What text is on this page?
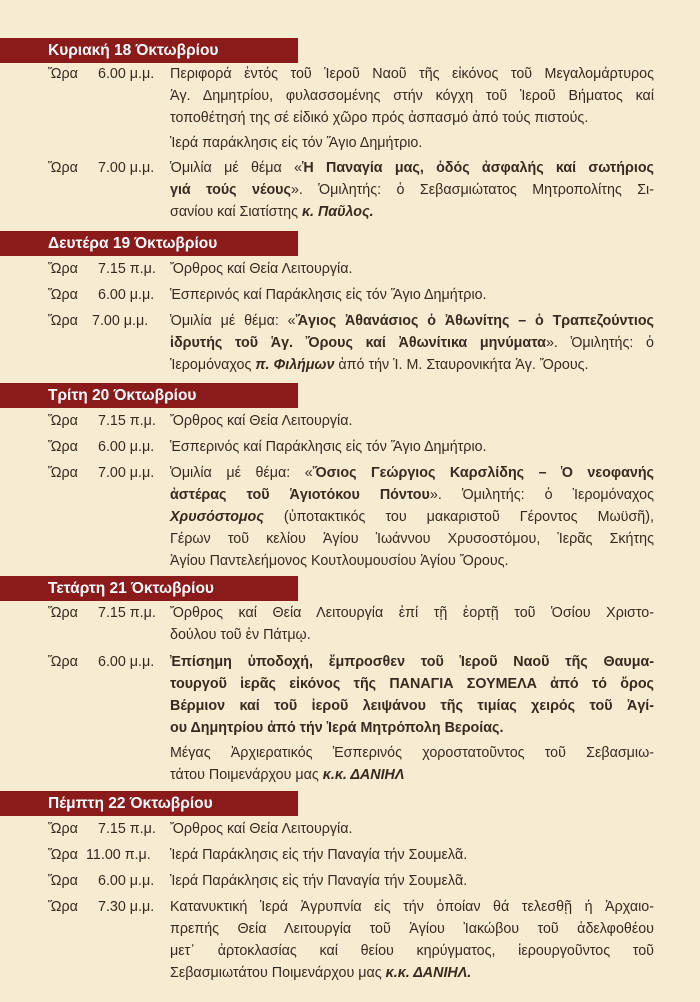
Κυριακή 18 Όκτωβρίου
Ὥρα 6.00 μ.μ. Περιφορά ἐντός τοῦ Ἱεροῦ Ναοῦ τῆς εἰκόνος τοῦ Μεγαλομάρτυρος
Ἁγ. Δημητρίου, φυλασσομένης στήν κόγχη τοῦ Ἱεροῦ Βήματος καί
τοποθέτησή της σέ εἰδικό χῶρο πρός ἀσπασμό ἀπό τούς πιστούς.
Ἱερά παράκλησις εἰς τόν Ἅγιο Δημήτριο.
Ὥρα 7.00 μ.μ. Ὁμιλία μέ θέμα «Ἡ Παναγία μας, ὁδός ἀσφαλής καί σωτήριος
γιά τούς νέους». Ὁμιλητής: ὁ Σεβασμιώτατος Μητροπολίτης Σι-
σανίου καί Σιατίστης κ. Παῦλος.
Δευτέρα 19 Όκτωβρίου
Ὥρα 7.15 π.μ. Ὄρθρος καί Θεία Λειτουργία.
Ὥρα 6.00 μ.μ. Ἑσπερινός καί Παράκλησις εἰς τόν Ἅγιο Δημήτριο.
Ὥρα 7.00 μ.μ. Ὁμιλία μέ θέμα: «Ἅγιος Ἀθανάσιος ὁ Ἀθωνίτης – ὁ Τραπεζούντιος
ἱδρυτής τοῦ Ἁγ. Ὄρους καί Ἀθωνίτικα μηνύματα». Ὁμιλητής: ὁ
Ἱερομόναχος π. Φιλήμων ἀπό τήν Ἱ. Μ. Σταυρονικήτα Ἁγ. Ὄρους.
Τρίτη 20 Όκτωβρίου
Ὥρα 7.15 π.μ. Ὄρθρος καί Θεία Λειτουργία.
Ὥρα 6.00 μ.μ. Ἑσπερινός καί Παράκλησις εἰς τόν Ἅγιο Δημήτριο.
Ὥρα 7.00 μ.μ. Ὁμιλία μέ θέμα: «Ὅσιος Γεώργιος Καρσλίδης – Ὁ νεοφανής
ἀστέρας τοῦ Ἁγιοτόκου Πόντου». Ὁμιλητής: ὁ Ἱερομόναχος
Χρυσόστομος (ὑποτακτικός του μακαριστοῦ Γέροντος Μωϋσῆ),
Γέρων τοῦ κελίου Ἁγίου Ἰωάννου Χρυσοστόμου, Ἱερᾶς Σκήτης
Ἁγίου Παντελεήμονος Κουτλουμουσίου Ἁγίου Ὄρους.
Τετάρτη 21 Όκτωβρίου
Ὥρα 7.15 π.μ. Ὄρθρος καί Θεία Λειτουργία ἐπί τῇ ἑορτῇ τοῦ Ὁσίου Χριστο-
δούλου τοῦ ἐν Πάτμῳ.
Ὥρα 6.00 μ.μ. Ἐπίσημη ὑποδοχή, ἔμπροσθεν τοῦ Ἱεροῦ Ναοῦ τῆς Θαυμα-
τουργοῦ ἱερᾶς εἰκόνος τῆς ΠΑΝΑΓΙΑ ΣΟΥΜΕΛΑ ἀπό τό ὄρος
Βέρμιον καί τοῦ ἱεροῦ λειψάνου τῆς τιμίας χειρός τοῦ Ἁγί-
ου Δημητρίου ἀπό τήν Ἱερά Μητρόπολη Βεροίας.
Μέγας Ἀρχιερατικός Ἑσπερινός χοροστατοῦντος τοῦ Σεβασμιω-
τάτου Ποιμενάρχου μας κ.κ. ΔΑΝΙΗΛ
Πέμπτη 22 Όκτωβρίου
Ὥρα 7.15 π.μ. Ὄρθρος καί Θεία Λειτουργία.
Ὥρα 11.00 π.μ. Ἱερά Παράκλησις εἰς τήν Παναγία τήν Σουμελᾶ.
Ὥρα 6.00 μ.μ. Ἱερά Παράκλησις εἰς τήν Παναγία τήν Σουμελᾶ.
Ὥρα 7.30 μ.μ. Κατανυκτική Ἱερά Ἀγρυπνία εἰς τήν ὁποίαν θά τελεσθῇ ἡ Ἀρχαιο-
πρεπής Θεία Λειτουργία τοῦ Ἁγίου Ἰακώβου τοῦ ἀδελφοθέου
μετ᾽ ἀρτοκλασίας καί θείου κηρύγματος, ἱερουργοῦντος τοῦ
Σεβασμιωτάτου Ποιμενάρχου μας κ.κ. ΔΑΝΙΗΛ.
